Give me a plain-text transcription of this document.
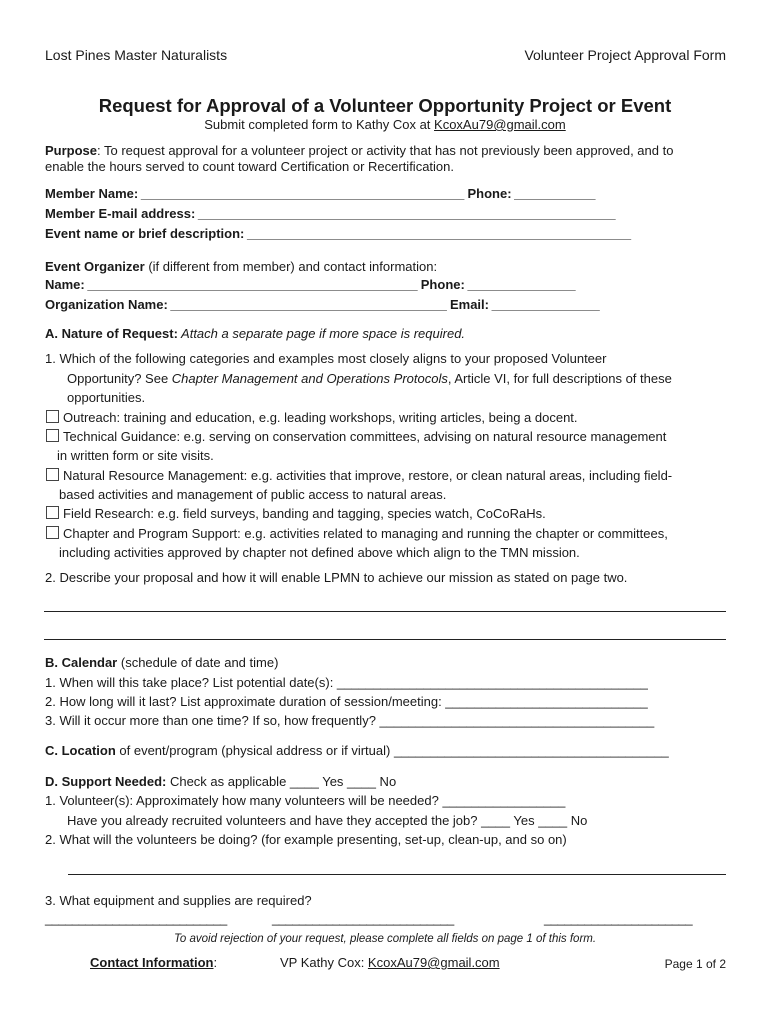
Lost Pines Master Naturalists	Volunteer Project Approval Form
Request for Approval of a Volunteer Opportunity Project or Event
Submit completed form to Kathy Cox at KcoxAu79@gmail.com
Purpose: To request approval for a volunteer project or activity that has not previously been approved, and to
enable the hours served to count toward Certification or Recertification.
Member Name: ________________________________________________ Phone: ____________
Member E-mail address: ______________________________________________________________
Event name or brief description: _________________________________________________________
Event Organizer (if different from member) and contact information:
Name: _________________________________________________ Phone: ________________
Organization Name: _________________________________________ Email: ________________
A. Nature of Request: Attach a separate page if more space is required.
1. Which of the following categories and examples most closely aligns to your proposed Volunteer
Opportunity? See Chapter Management and Operations Protocols, Article VI, for full descriptions of these
opportunities.
Outreach: training and education, e.g. leading workshops, writing articles, being a docent.
Technical Guidance: e.g. serving on conservation committees, advising on natural resource management
in written form or site visits.
Natural Resource Management: e.g. activities that improve, restore, or clean natural areas, including field-
based activities and management of public access to natural areas.
Field Research: e.g. field surveys, banding and tagging, species watch, CoCoRaHs.
Chapter and Program Support: e.g. activities related to managing and running the chapter or committees,
including activities approved by chapter not defined above which align to the TMN mission.
2. Describe your proposal and how it will enable LPMN to achieve our mission as stated on page two.
B. Calendar (schedule of date and time)
1. When will this take place? List potential date(s): ___________________________________________
2. How long will it last? List approximate duration of session/meeting: ____________________________
3. Will it occur more than one time? If so, how frequently? ______________________________________
C. Location of event/program (physical address or if virtual) ______________________________________
D. Support Needed: Check as applicable ____ Yes ____ No
1. Volunteer(s): Approximately how many volunteers will be needed? _________________
Have you already recruited volunteers and have they accepted the job? ____ Yes ____ No
2. What will the volunteers be doing? (for example presenting, set-up, clean-up, and so on)
3. What equipment and supplies are required?
___________________________	___________________________	______________________
To avoid rejection of your request, please complete all fields on page 1 of this form.
Contact Information:	VP Kathy Cox: KcoxAu79@gmail.com	Page 1 of 2
